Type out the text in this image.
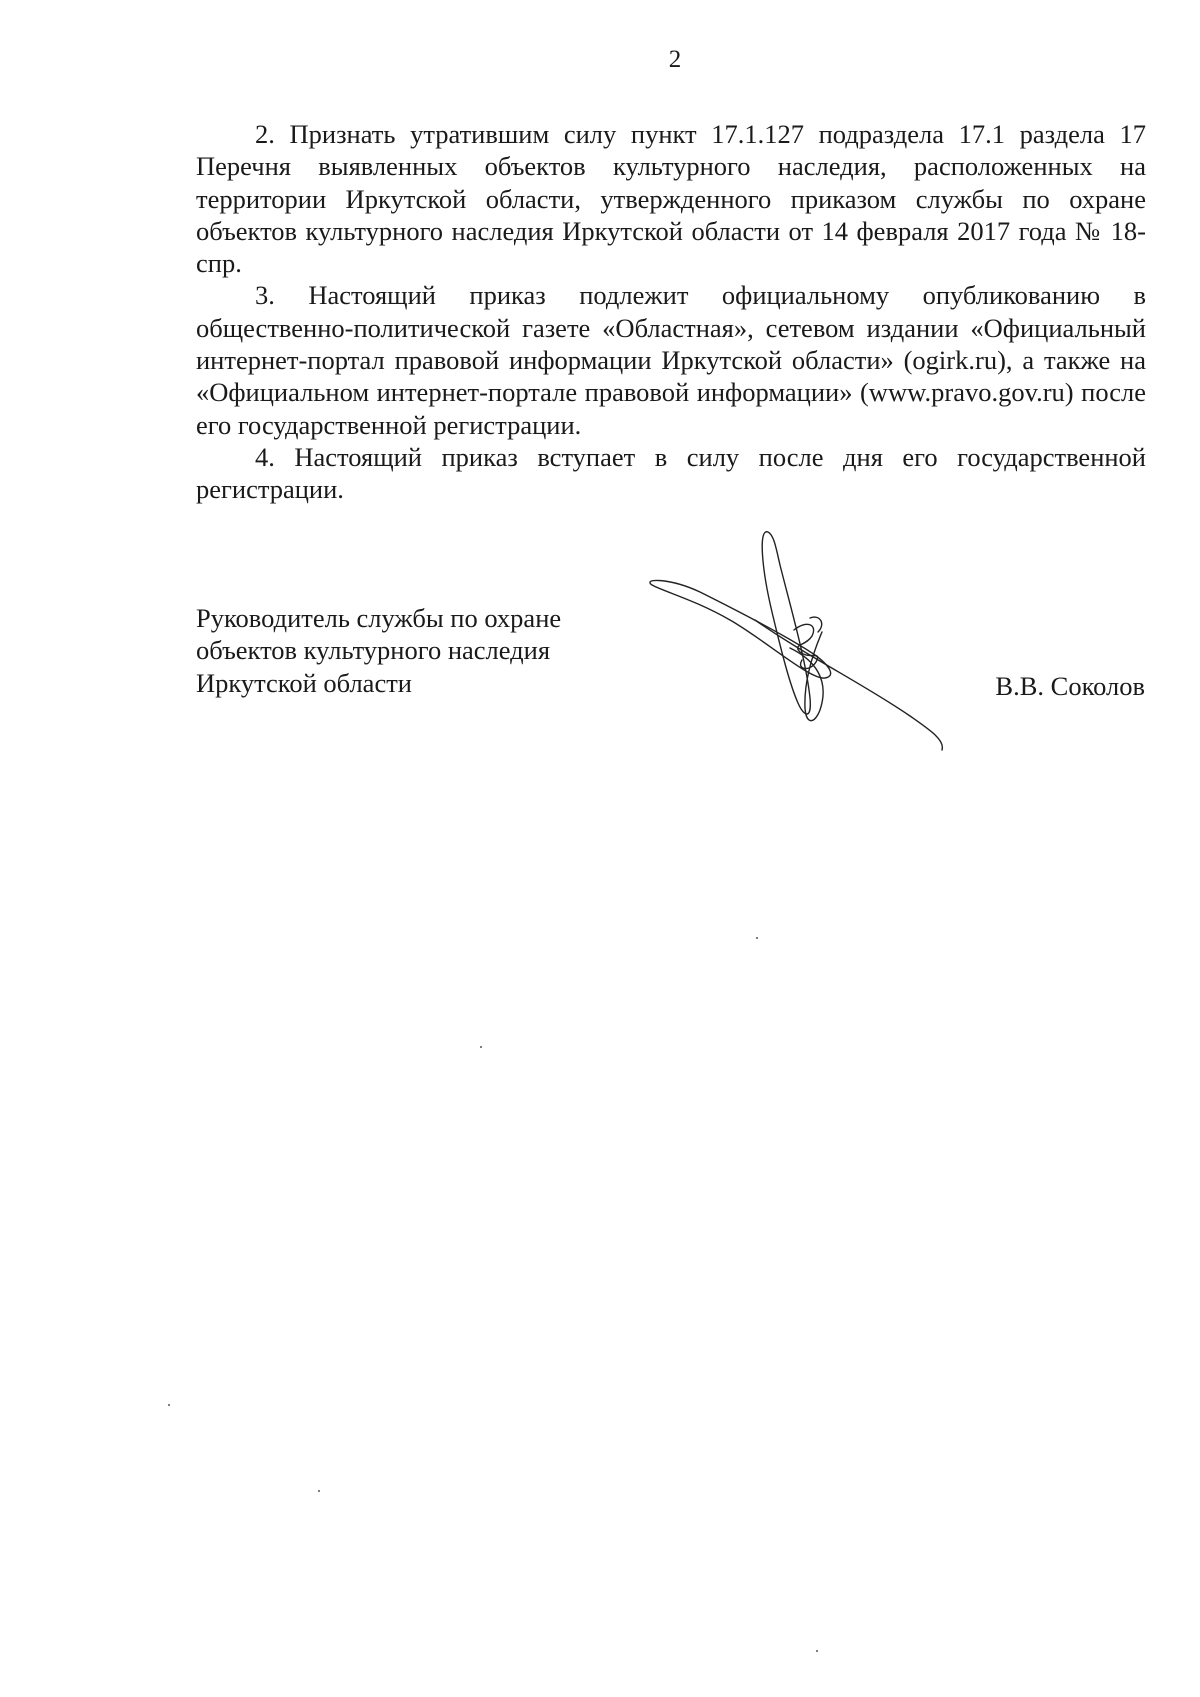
2

2. Признать утратившим силу пункт 17.1.127 подраздела 17.1 раздела 17 Перечня выявленных объектов культурного наследия, расположенных на территории Иркутской области, утвержденного приказом службы по охране объектов культурного наследия Иркутской области от 14 февраля 2017 года № 18-спр.

3. Настоящий приказ подлежит официальному опубликованию в общественно-политической газете «Областная», сетевом издании «Официальный интернет-портал правовой информации Иркутской области» (ogirk.ru), а также на «Официальном интернет-портале правовой информации» (www.pravo.gov.ru) после его государственной регистрации.

4. Настоящий приказ вступает в силу после дня его государственной регистрации.

Руководитель службы по охране
объектов культурного наследия
Иркутской области	В.В. Соколов
